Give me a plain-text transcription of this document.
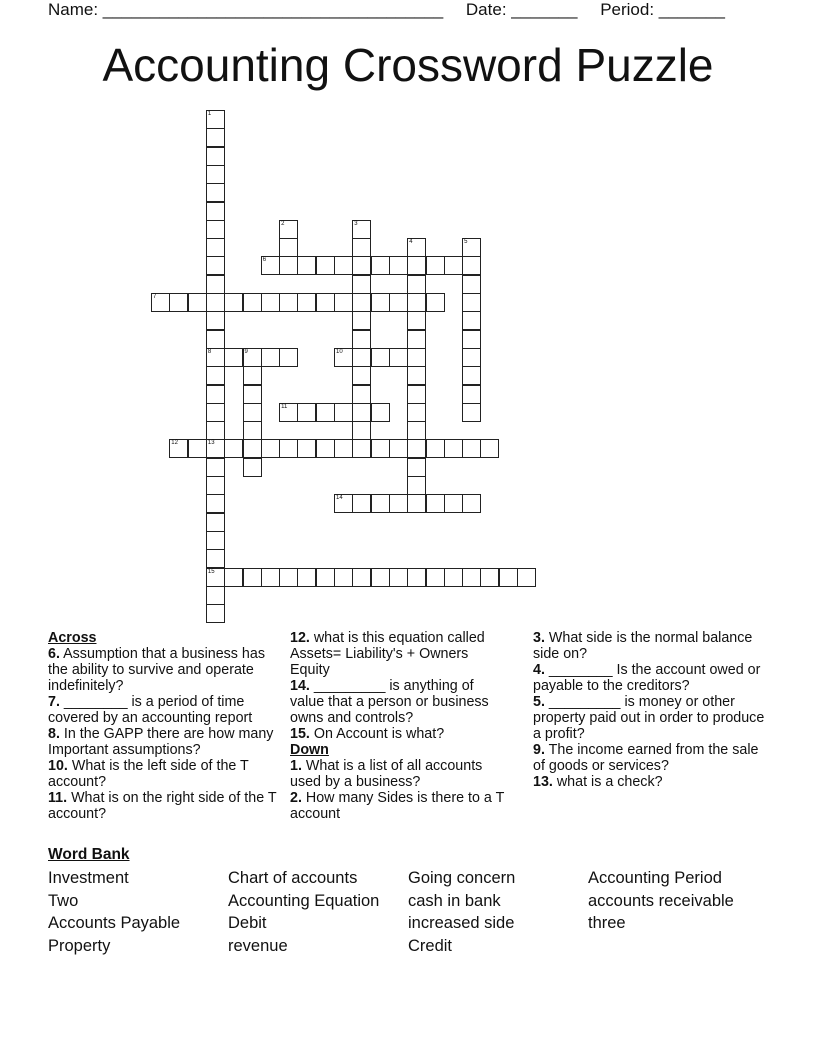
Name: ____________________________________ Date: _______ Period: _______
Accounting Crossword Puzzle
1
8
13
15
2	3
4	5
6
7
9	10
11
12
14

Across

6. Assumption that a business has the ability to survive and operate indefinitely?

7. ________ is a period of time covered by an accounting report

8. In the GAPP there are how many Important assumptions?

10. What is the left side of the T account?

11. What is on the right side of the T account?

12. what is this equation called Assets= Liability's + Owners Equity

14. _________ is anything of value that a person or business owns and controls?

15. On Account is what?

Down

1. What is a list of all accounts used by a business?

2. How many Sides is there to a T account

3. What side is the normal balance side on?

4. ________ Is the account owed or payable to the creditors?

5. _________ is money or other property paid out in order to produce a profit?

9. The income earned from the sale of goods or services?

13. what is a check?

Word Bank
Investment	Chart of accounts	Going concern	Accounting Period
Two	Accounting Equation	cash in bank	accounts receivable
Accounts Payable	Debit	increased side	three
Property	revenue	Credit
